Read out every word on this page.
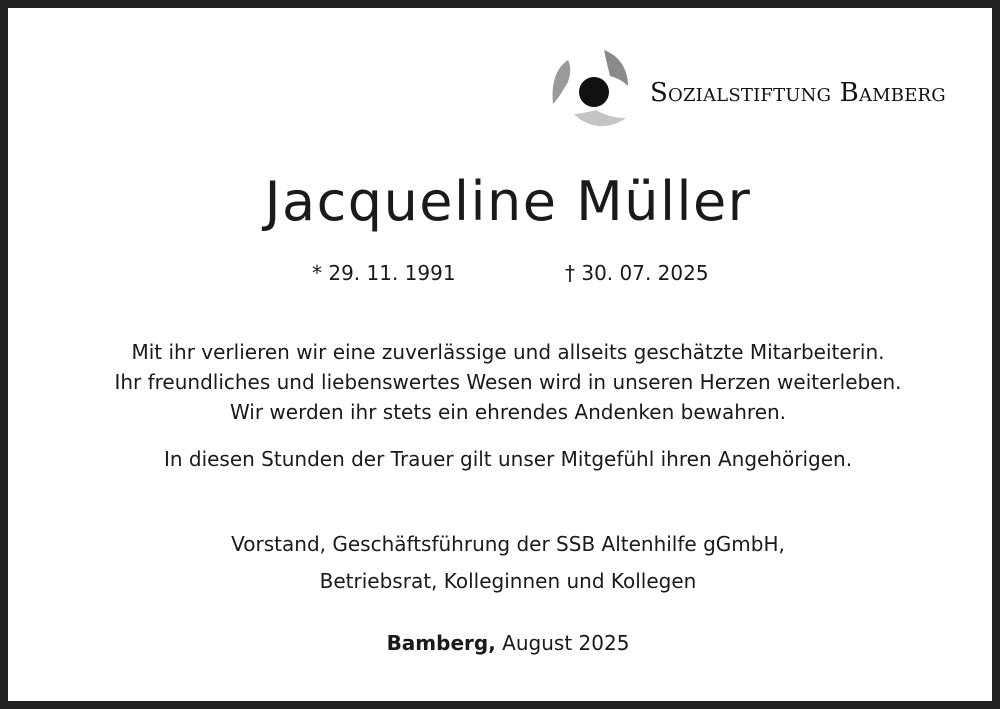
Sozialstiftung Bamberg
Jacqueline Müller
* 29. 11. 1991	† 30. 07. 2025
Mit ihr verlieren wir eine zuverlässige und allseits geschätzte Mitarbeiterin.
Ihr freundliches und liebenswertes Wesen wird in unseren Herzen weiterleben.
Wir werden ihr stets ein ehrendes Andenken bewahren.
In diesen Stunden der Trauer gilt unser Mitgefühl ihren Angehörigen.
Vorstand, Geschäftsführung der SSB Altenhilfe gGmbH,
Betriebsrat, Kolleginnen und Kollegen
Bamberg, August 2025
